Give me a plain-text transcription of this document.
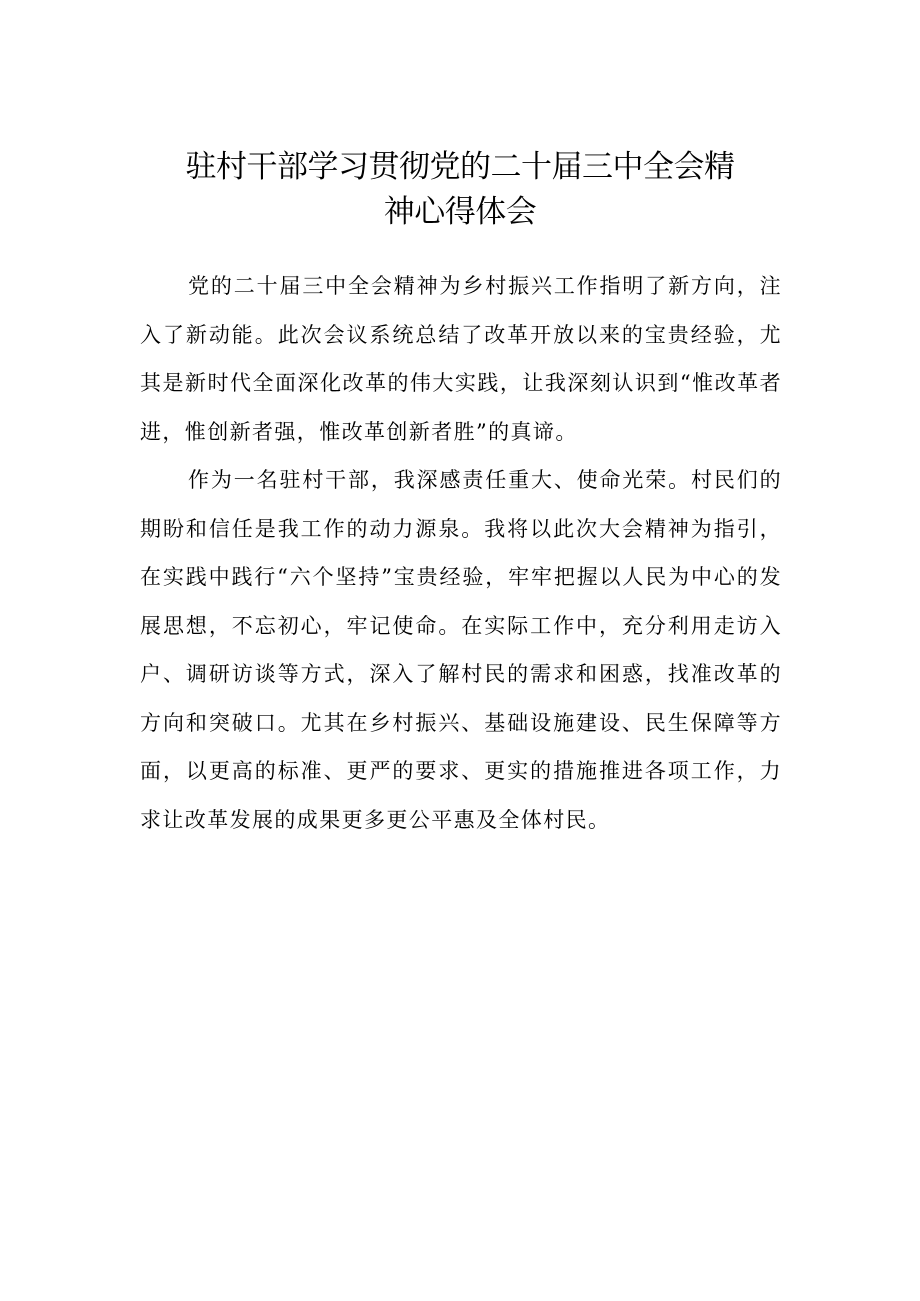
驻村干部学习贯彻党的二十届三中全会精
神心得体会

党的二十届三中全会精神为乡村振兴工作指明了新方向，注入了新动能。此次会议系统总结了改革开放以来的宝贵经验，尤其是新时代全面深化改革的伟大实践，让我深刻认识到“惟改革者进，惟创新者强，惟改革创新者胜”的真谛。

作为一名驻村干部，我深感责任重大、使命光荣。村民们的期盼和信任是我工作的动力源泉。我将以此次大会精神为指引，在实践中践行“六个坚持”宝贵经验，牢牢把握以人民为中心的发展思想，不忘初心，牢记使命。在实际工作中，充分利用走访入户、调研访谈等方式，深入了解村民的需求和困惑，找准改革的方向和突破口。尤其在乡村振兴、基础设施建设、民生保障等方面，以更高的标准、更严的要求、更实的措施推进各项工作，力求让改革发展的成果更多更公平惠及全体村民。
